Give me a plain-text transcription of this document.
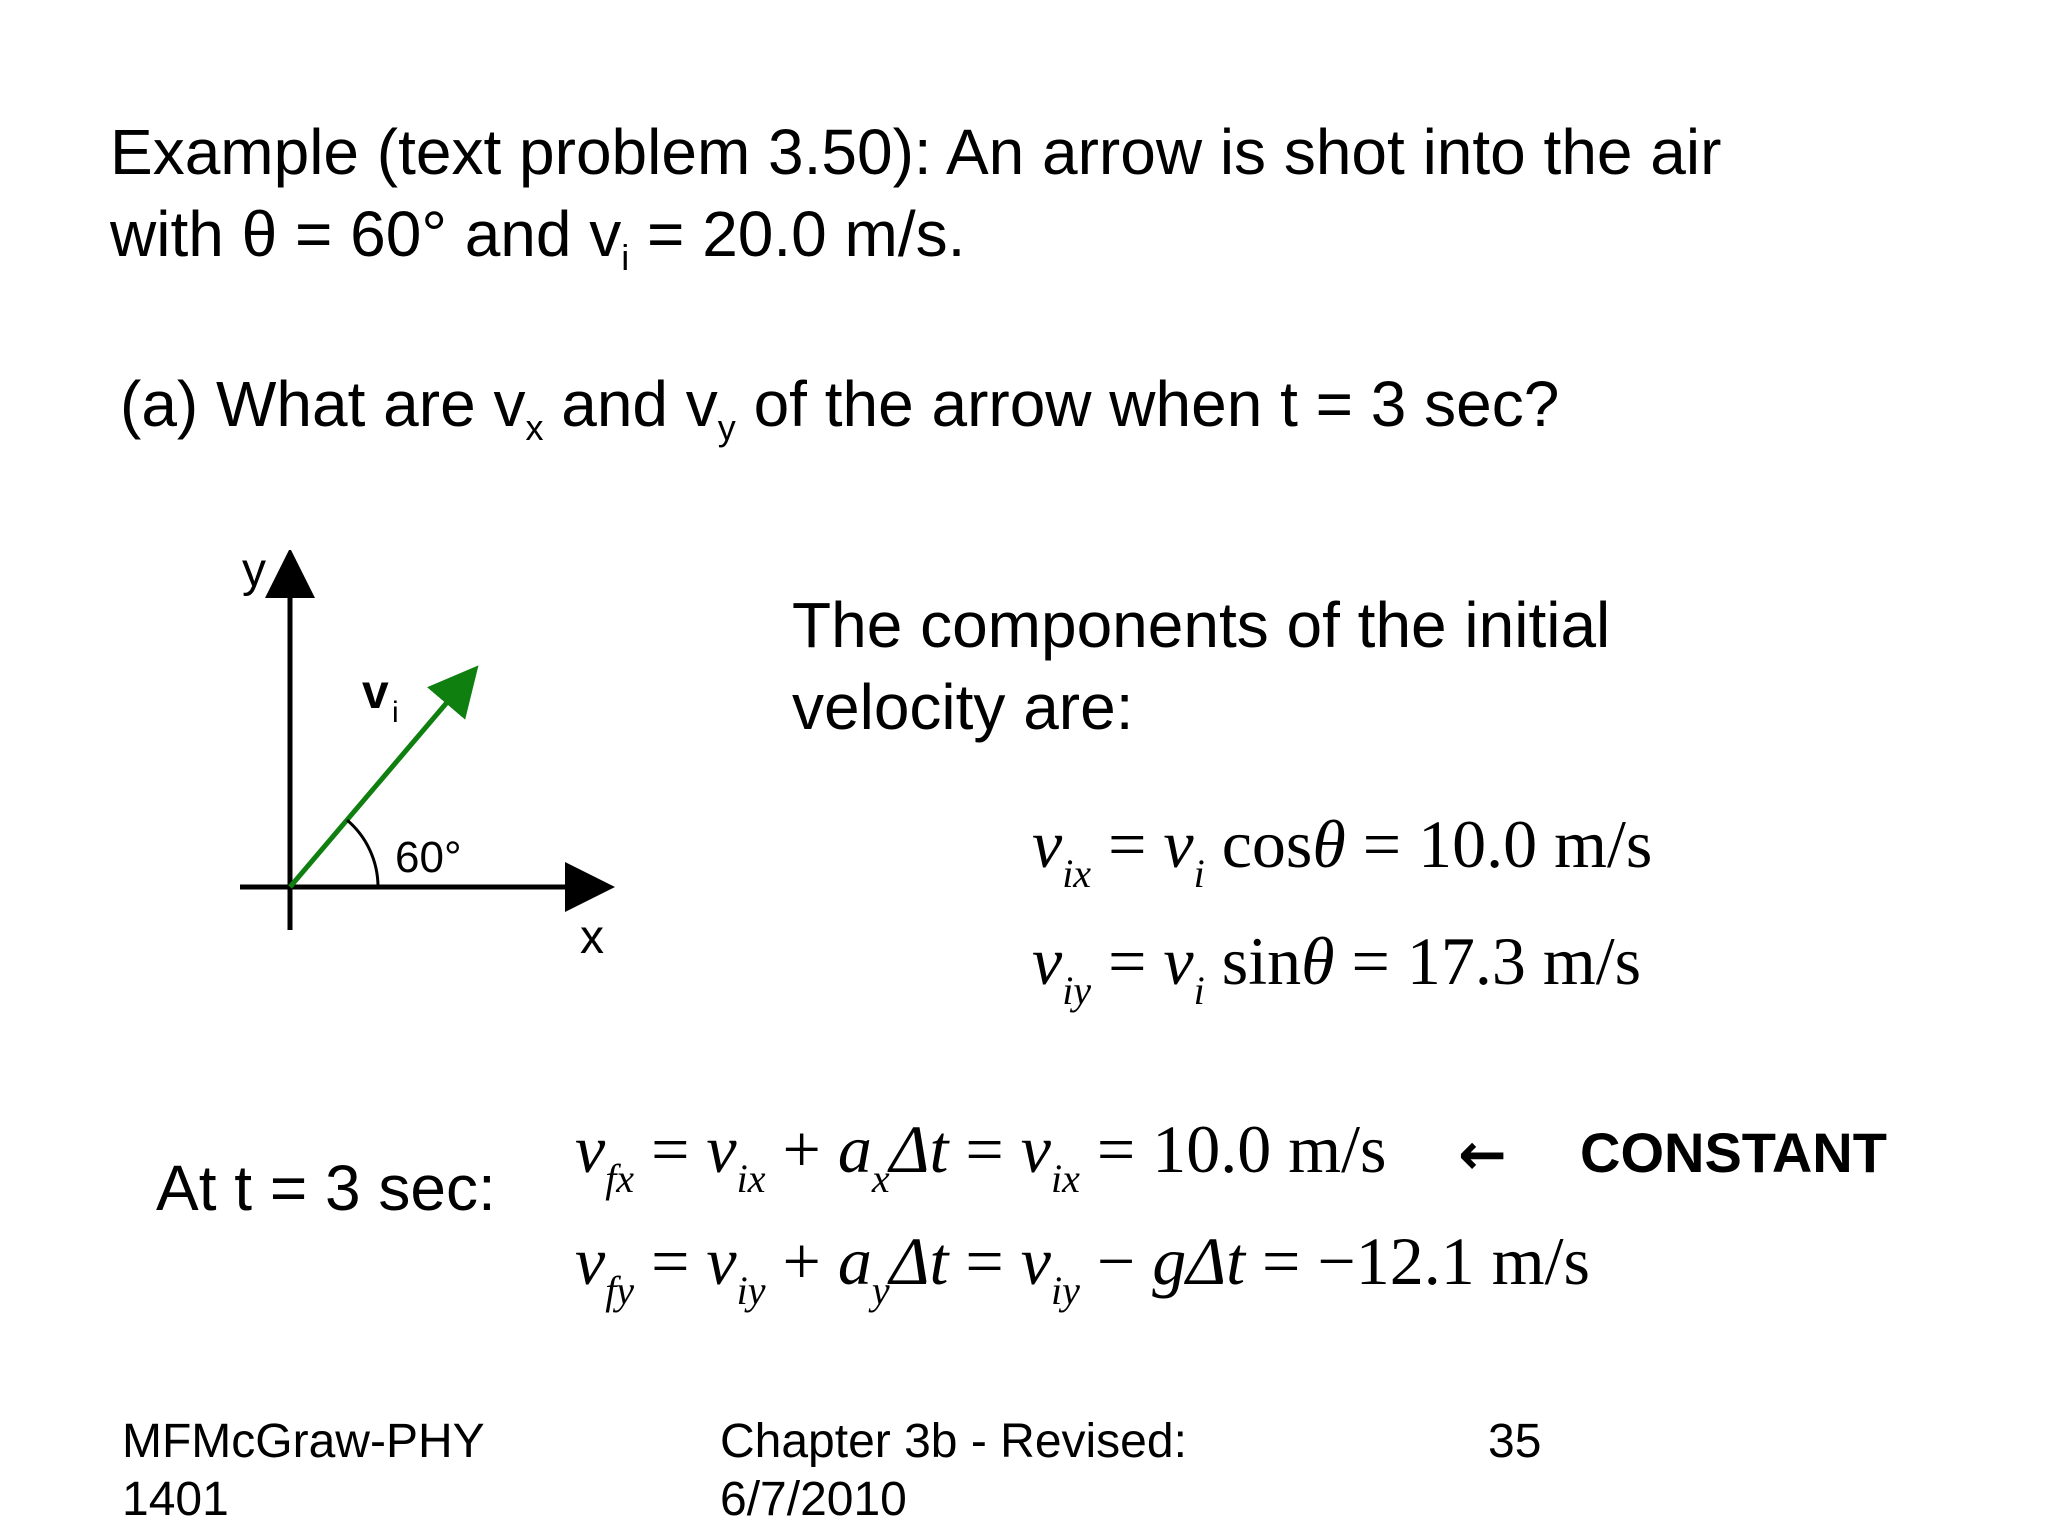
Example (text problem 3.50): An arrow is shot into the air
with θ = 60° and $v_i = 20.0$ m/s.
(a) What are $v_x$ and $v_y$ of the arrow when t = 3 sec?
y
x
v i
60°
The components of the initial
velocity are:
$v_{ix} = v_i$ cosθ = 10.0 m/s
$v_{iy} = v_i$ sinθ = 17.3 m/s
At t = 3 sec:
$v_{fx} = v_{ix} + a_x\Delta t = v_{ix} = 10.0$ m/s
$v_{fy} = v_{iy} + a_y\Delta t = v_{iy} - g\Delta t = -12.1$ m/s
← CONSTANT
MFMcGraw-PHY 1401
Chapter 3b - Revised: 6/7/2010
35
